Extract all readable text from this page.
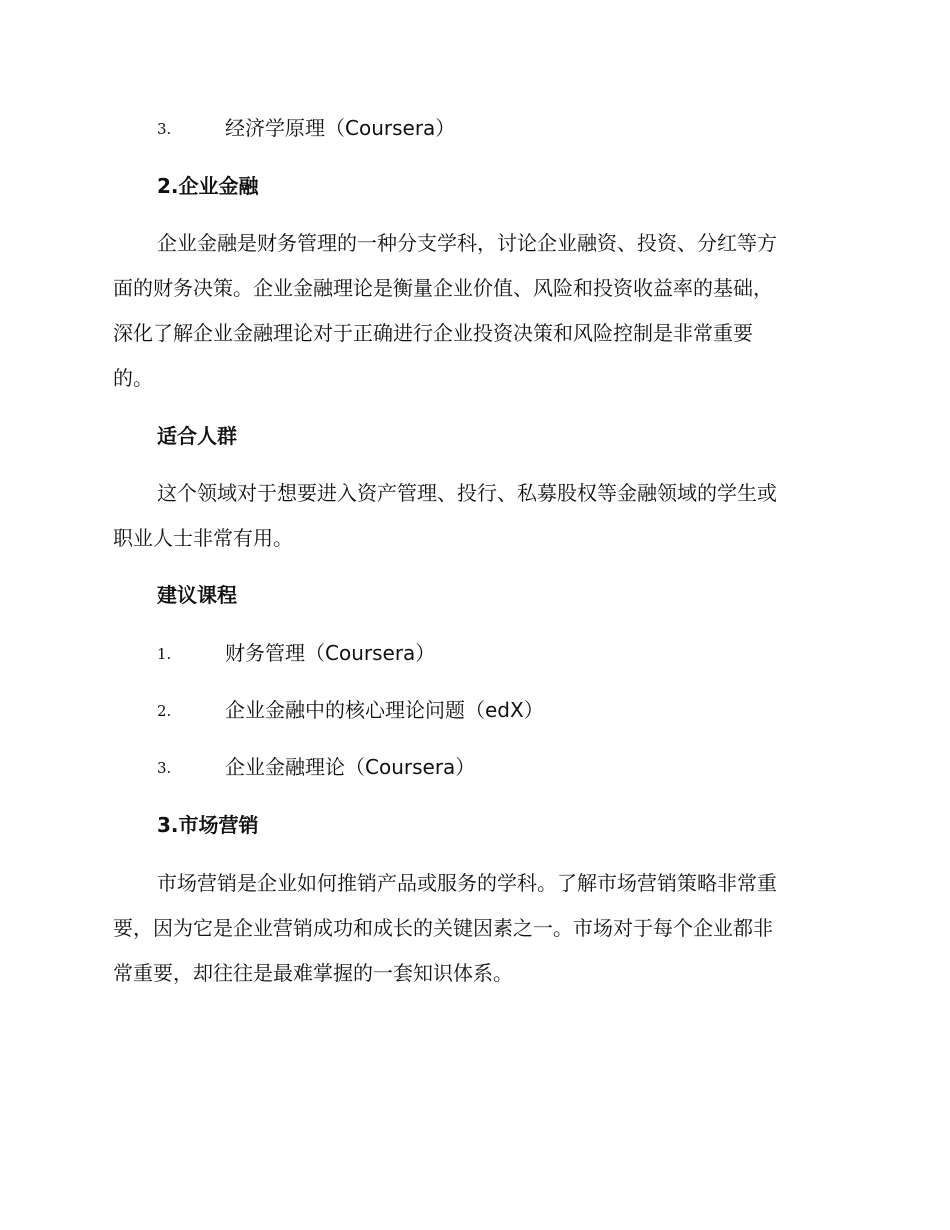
3.	经济学原理（Coursera）
2.企业金融
企业金融是财务管理的一种分支学科，讨论企业融资、投资、分红等方
面的财务决策。企业金融理论是衡量企业价值、风险和投资收益率的基础，
深化了解企业金融理论对于正确进行企业投资决策和风险控制是非常重要
的。
适合人群
这个领域对于想要进入资产管理、投行、私募股权等金融领域的学生或
职业人士非常有用。
建议课程
1.	财务管理（Coursera）
2.	企业金融中的核心理论问题（edX）
3.	企业金融理论（Coursera）
3.市场营销
市场营销是企业如何推销产品或服务的学科。了解市场营销策略非常重
要，因为它是企业营销成功和成长的关键因素之一。市场对于每个企业都非
常重要，却往往是最难掌握的一套知识体系。
